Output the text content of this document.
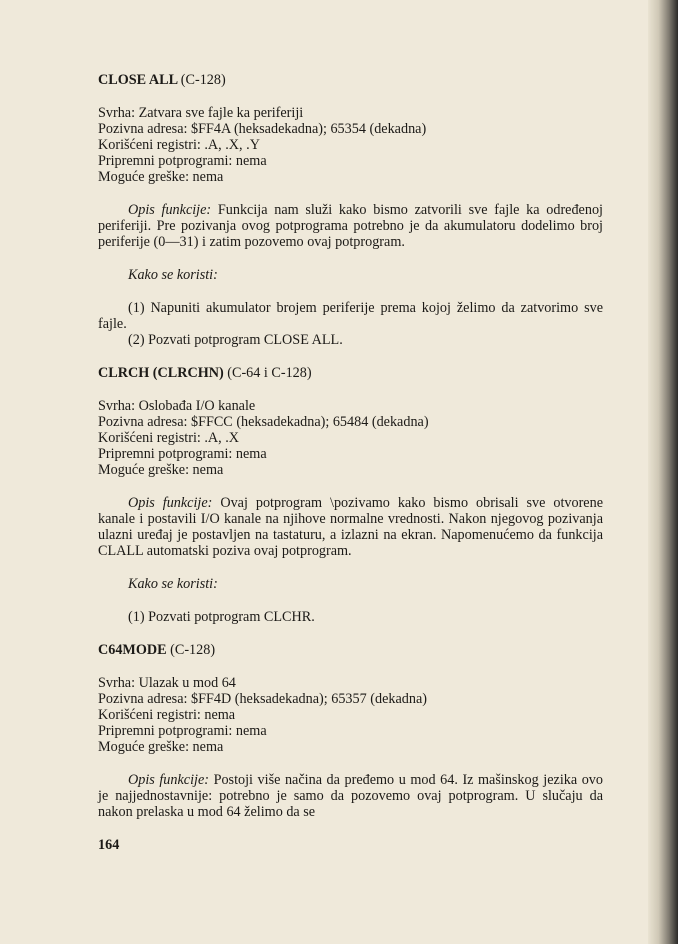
CLOSE ALL (C-128)
Svrha: Zatvara sve fajle ka periferiji
Pozivna adresa: $FF4A (heksadekadna); 65354 (dekadna)
Korišćeni registri: .A, .X, .Y
Pripremni potprogrami: nema
Moguće greške: nema
Opis funkcije: Funkcija nam služi kako bismo zatvorili sve fajle ka određenoj periferiji. Pre pozivanja ovog potprograma potrebno je da akumulatoru dodelimo broj periferije (0—31) i zatim pozovemo ovaj potprogram.
Kako se koristi:
(1) Napuniti akumulator brojem periferije prema kojoj želimo da zatvorimo sve fajle.
(2) Pozvati potprogram CLOSE ALL.
CLRCH (CLRCHN) (C-64 i C-128)
Svrha: Oslobađa I/O kanale
Pozivna adresa: $FFCC (heksadekadna); 65484 (dekadna)
Korišćeni registri: .A, .X
Pripremni potprogrami: nema
Moguće greške: nema
Opis funkcije: Ovaj potprogram \pozivamo kako bismo obrisali sve otvorene kanale i postavili I/O kanale na njihove normalne vrednosti. Nakon njegovog pozivanja ulazni uređaj je postavljen na tastaturu, a izlazni na ekran. Napomenućemo da funkcija CLALL automatski poziva ovaj potprogram.
Kako se koristi:
(1) Pozvati potprogram CLCHR.
C64MODE (C-128)
Svrha: Ulazak u mod 64
Pozivna adresa: $FF4D (heksadekadna); 65357 (dekadna)
Korišćeni registri: nema
Pripremni potprogrami: nema
Moguće greške: nema
Opis funkcije: Postoji više načina da pređemo u mod 64. Iz mašinskog jezika ovo je najjednostavnije: potrebno je samo da pozovemo ovaj potprogram. U slučaju da nakon prelaska u mod 64 želimo da se
164
